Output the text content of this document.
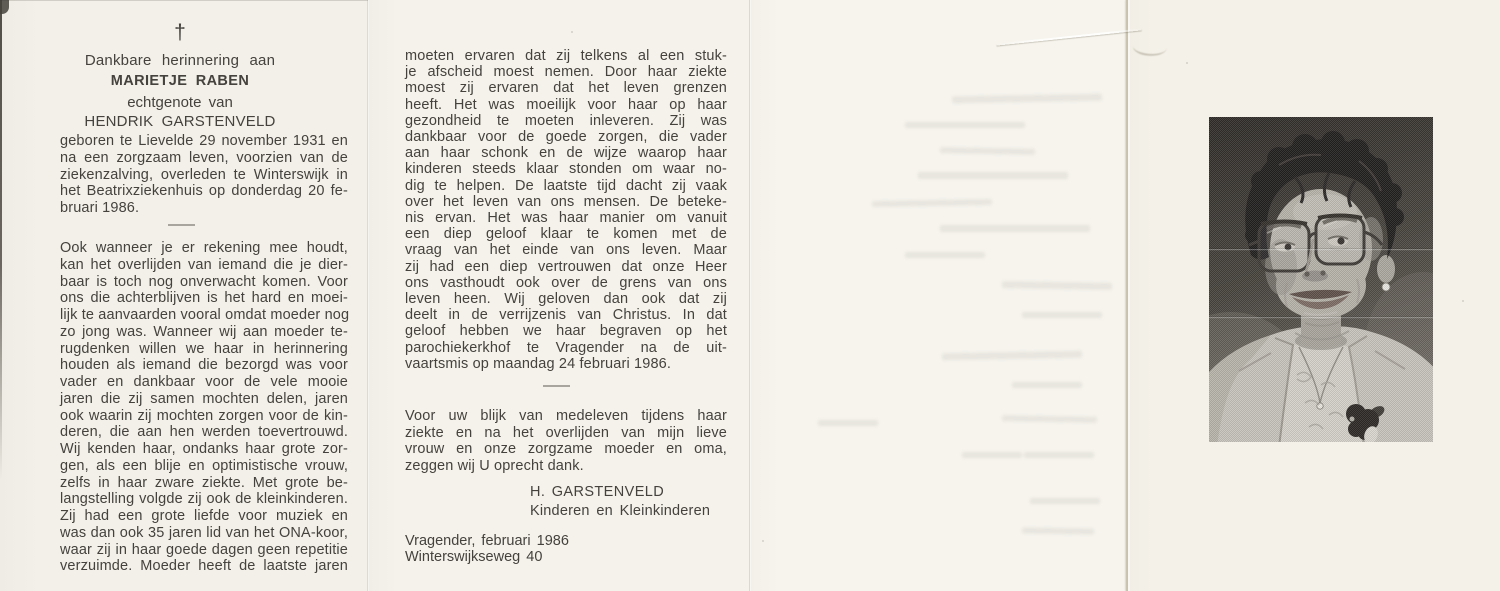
†
Dankbare herinnering aan
MARIETJE RABEN
echtgenote van
HENDRIK GARSTENVELD
geboren te Lievelde 29 november 1931 en
na een zorgzaam leven, voorzien van de
ziekenzalving, overleden te Winterswijk in
het Beatrixziekenhuis op donderdag 20 fe-
bruari 1986.
Ook wanneer je er rekening mee houdt,
kan het overlijden van iemand die je dier-
baar is toch nog onverwacht komen. Voor
ons die achterblijven is het hard en moei-
lijk te aanvaarden vooral omdat moeder nog
zo jong was. Wanneer wij aan moeder te-
rugdenken willen we haar in herinnering
houden als iemand die bezorgd was voor
vader en dankbaar voor de vele mooie
jaren die zij samen mochten delen, jaren
ook waarin zij mochten zorgen voor de kin-
deren, die aan hen werden toevertrouwd.
Wij kenden haar, ondanks haar grote zor-
gen, als een blije en optimistische vrouw,
zelfs in haar zware ziekte. Met grote be-
langstelling volgde zij ook de kleinkinderen.
Zij had een grote liefde voor muziek en
was dan ook 35 jaren lid van het ONA-koor,
waar zij in haar goede dagen geen repetitie
verzuimde. Moeder heeft de laatste jaren
moeten ervaren dat zij telkens al een stuk-
je afscheid moest nemen. Door haar ziekte
moest zij ervaren dat het leven grenzen
heeft. Het was moeilijk voor haar op haar
gezondheid te moeten inleveren. Zij was
dankbaar voor de goede zorgen, die vader
aan haar schonk en de wijze waarop haar
kinderen steeds klaar stonden om waar no-
dig te helpen. De laatste tijd dacht zij vaak
over het leven van ons mensen. De beteke-
nis ervan. Het was haar manier om vanuit
een diep geloof klaar te komen met de
vraag van het einde van ons leven. Maar
zij had een diep vertrouwen dat onze Heer
ons vasthoudt ook over de grens van ons
leven heen. Wij geloven dan ook dat zij
deelt in de verrijzenis van Christus. In dat
geloof hebben we haar begraven op het
parochiekerkhof te Vragender na de uit-
vaartsmis op maandag 24 februari 1986.
Voor uw blijk van medeleven tijdens haar
ziekte en na het overlijden van mijn lieve
vrouw en onze zorgzame moeder en oma,
zeggen wij U oprecht dank.
H. GARSTENVELD
Kinderen en Kleinkinderen
Vragender, februari 1986
Winterswijkseweg 40
